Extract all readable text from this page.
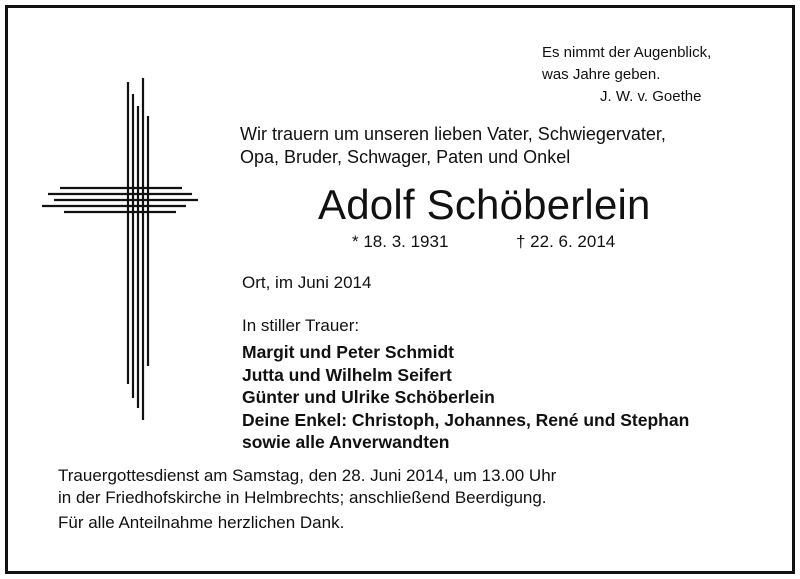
Es nimmt der Augenblick,
was Jahre geben.
J. W. v. Goethe
Wir trauern um unseren lieben Vater, Schwiegervater,
Opa, Bruder, Schwager, Paten und Onkel
Adolf Schöberlein
* 18. 3. 1931	† 22. 6. 2014
Ort, im Juni 2014
In stiller Trauer:
Margit und Peter Schmidt
Jutta und Wilhelm Seifert
Günter und Ulrike Schöberlein
Deine Enkel: Christoph, Johannes, René und Stephan
sowie alle Anverwandten
Trauergottesdienst am Samstag, den 28. Juni 2014, um 13.00 Uhr
in der Friedhofskirche in Helmbrechts; anschließend Beerdigung.
Für alle Anteilnahme herzlichen Dank.
